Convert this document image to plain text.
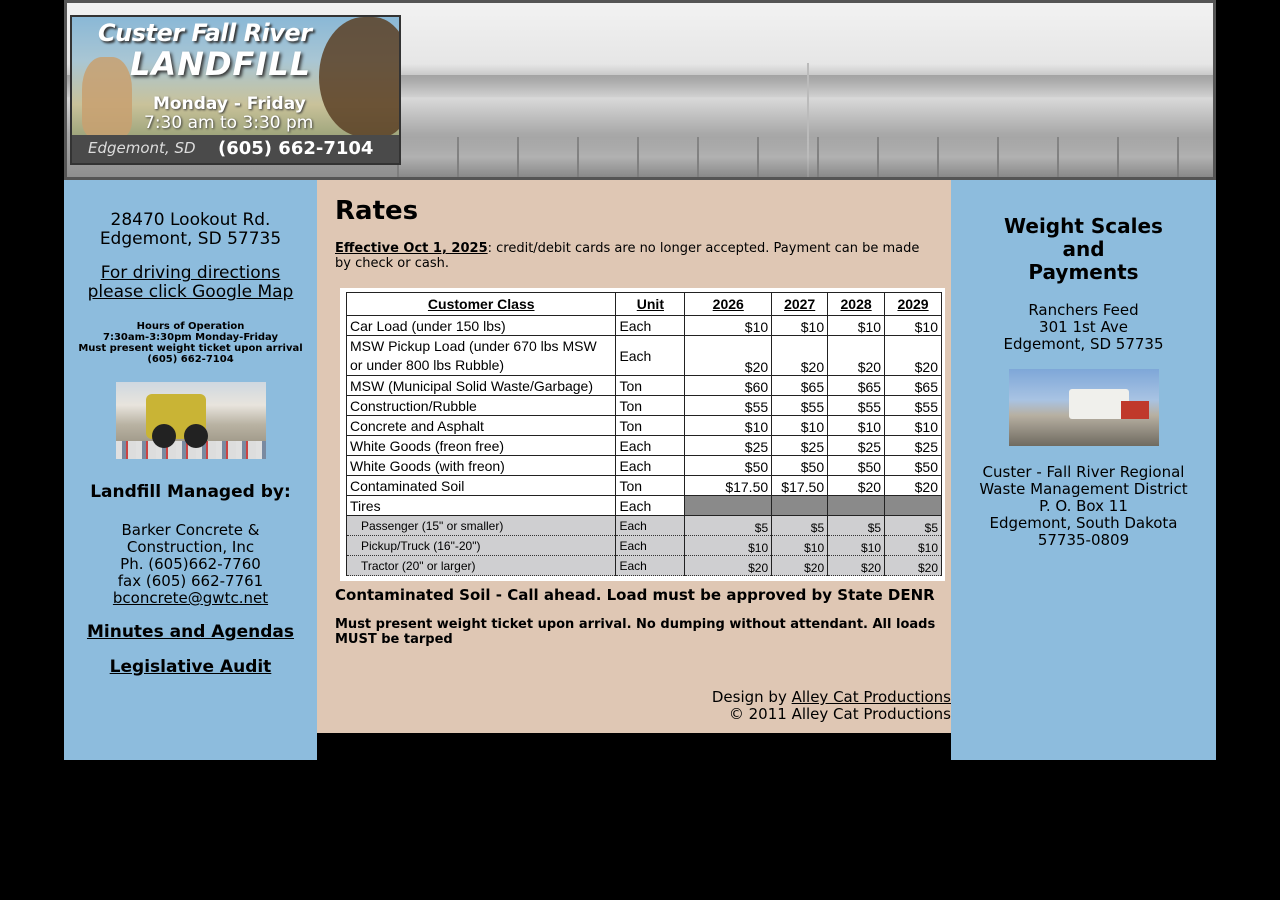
Custer Fall River
LANDFILL
Monday - Friday
7:30 am to 3:30 pm
Edgemont, SD (605) 662-7104
28470 Lookout Rd.
Edgemont, SD 57735
For driving directions please click Google Map
Hours of Operation
7:30am-3:30pm Monday-Friday
Must present weight ticket upon arrival
(605) 662-7104
Landfill Managed by:
Barker Concrete & Construction, Inc
Ph. (605)662-7760
fax (605) 662-7761
bconcrete@gwtc.net
Minutes and Agendas
Legislative Audit
Rates
Effective Oct 1, 2025: credit/debit cards are no longer accepted. Payment can be made by check or cash.
Customer Class	Unit	2026	2027	2028	2029
Car Load (under 150 lbs)	Each	$10	$10	$10	$10
MSW Pickup Load (under 670 lbs MSW or under 800 lbs Rubble)	Each	$20	$20	$20	$20
MSW (Municipal Solid Waste/Garbage)	Ton	$60	$65	$65	$65
Construction/Rubble	Ton	$55	$55	$55	$55
Concrete and Asphalt	Ton	$10	$10	$10	$10
White Goods (freon free)	Each	$25	$25	$25	$25
White Goods (with freon)	Each	$50	$50	$50	$50
Contaminated Soil	Ton	$17.50	$17.50	$20	$20
Tires	Each				
Passenger (15" or smaller)	Each	$5	$5	$5	$5
Pickup/Truck (16"-20")	Each	$10	$10	$10	$10
Tractor (20" or larger)	Each	$20	$20	$20	$20
Contaminated Soil - Call ahead. Load must be approved by State DENR
Must present weight ticket upon arrival. No dumping without attendant. All loads MUST be tarped
Design by Alley Cat Productions
© 2011 Alley Cat Productions
Weight Scales
and
Payments
Ranchers Feed
301 1st Ave
Edgemont, SD 57735
Custer - Fall River Regional
Waste Management District
P. O. Box 11
Edgemont, South Dakota 57735-0809
